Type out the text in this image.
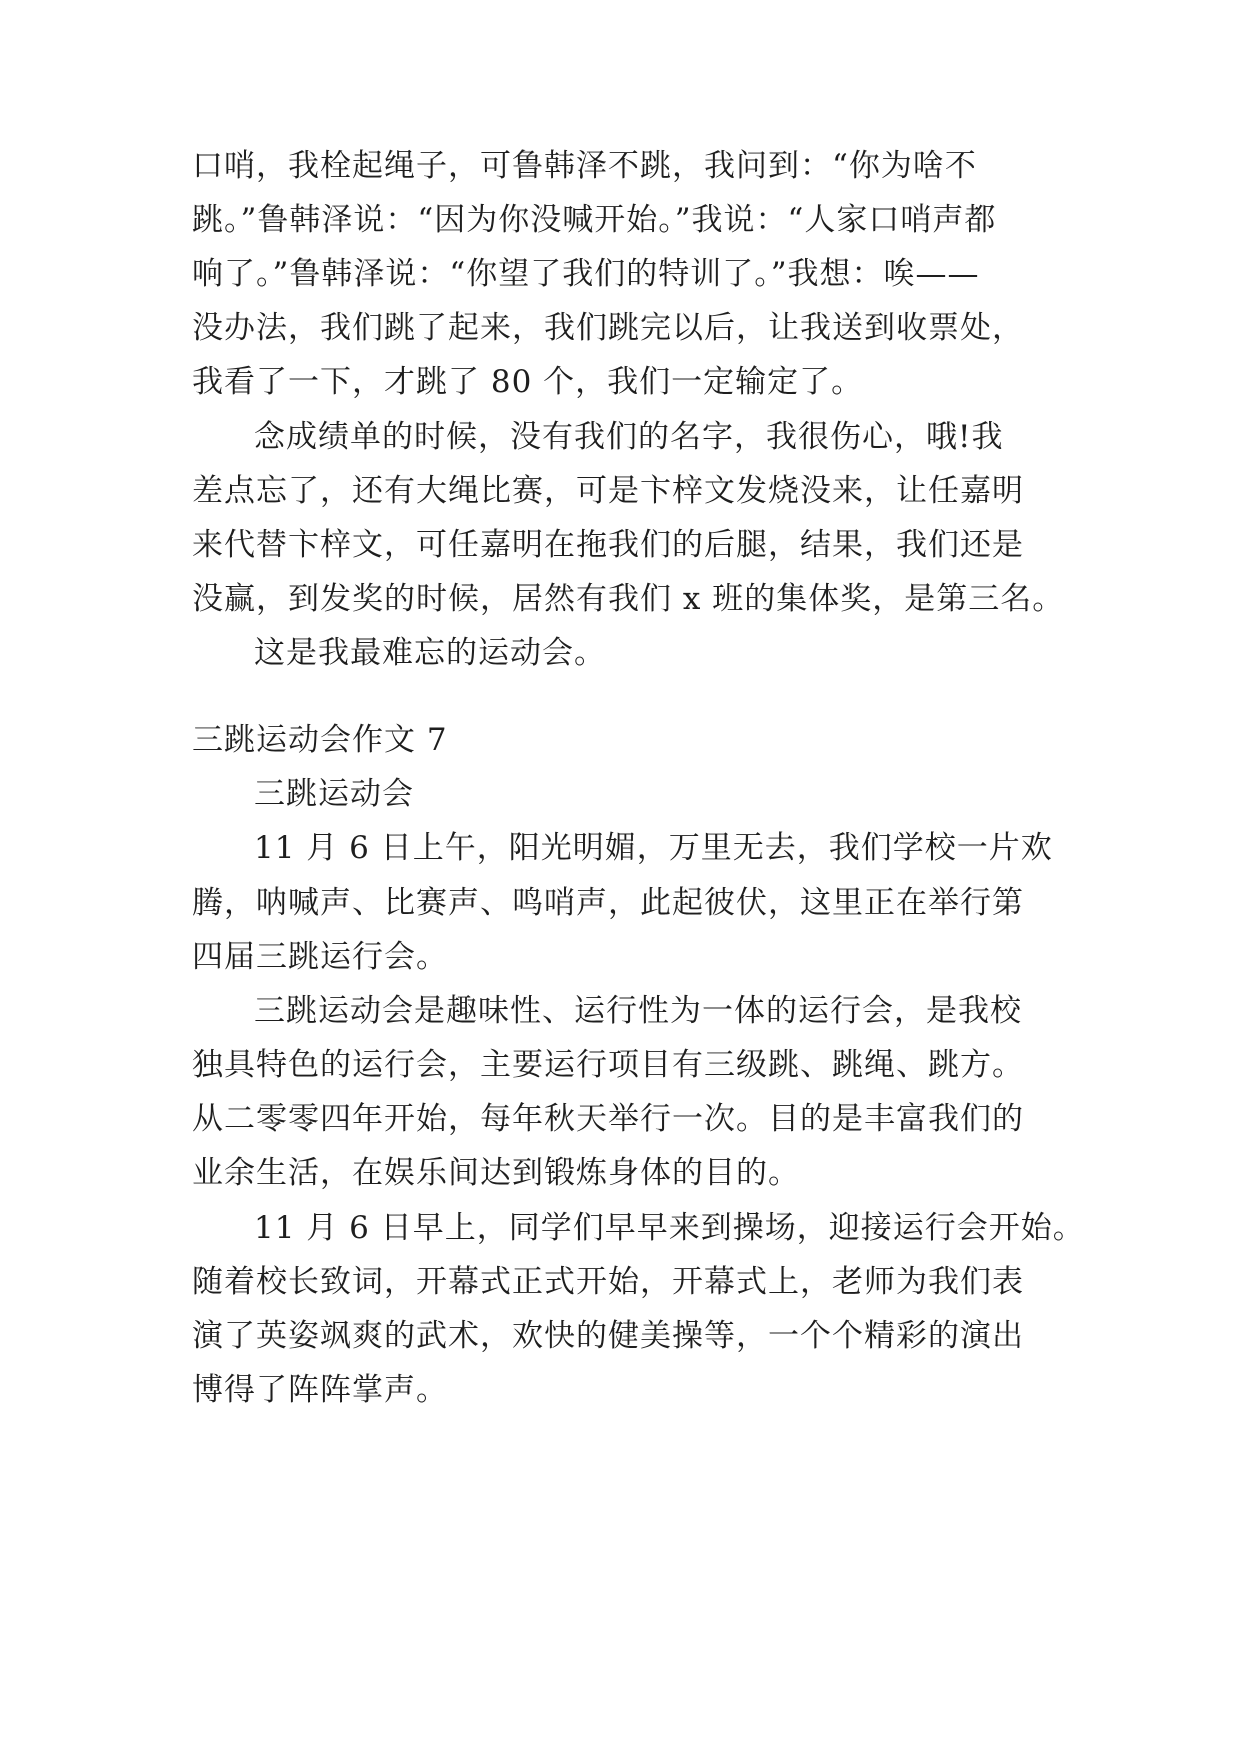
口哨，我栓起绳子，可鲁韩泽不跳，我问到：“你为啥不
跳。”鲁韩泽说：“因为你没喊开始。”我说：“人家口哨声都
响了。”鲁韩泽说：“你望了我们的特训了。”我想：唉——
没办法，我们跳了起来，我们跳完以后，让我送到收票处，
我看了一下，才跳了 80 个，我们一定输定了。
念成绩单的时候，没有我们的名字，我很伤心，哦!我
差点忘了，还有大绳比赛，可是卞梓文发烧没来，让任嘉明
来代替卞梓文，可任嘉明在拖我们的后腿，结果，我们还是
没赢，到发奖的时候，居然有我们 x 班的集体奖，是第三名。
这是我最难忘的运动会。
三跳运动会作文 7
三跳运动会
11 月 6 日上午，阳光明媚，万里无去，我们学校一片欢
腾，呐喊声、比赛声、鸣哨声，此起彼伏，这里正在举行第
四届三跳运行会。
三跳运动会是趣味性、运行性为一体的运行会，是我校
独具特色的运行会，主要运行项目有三级跳、跳绳、跳方。
从二零零四年开始，每年秋天举行一次。目的是丰富我们的
业余生活，在娱乐间达到锻炼身体的目的。
11 月 6 日早上，同学们早早来到操场，迎接运行会开始。
随着校长致词，开幕式正式开始，开幕式上，老师为我们表
演了英姿飒爽的武术，欢快的健美操等，一个个精彩的演出
博得了阵阵掌声。
